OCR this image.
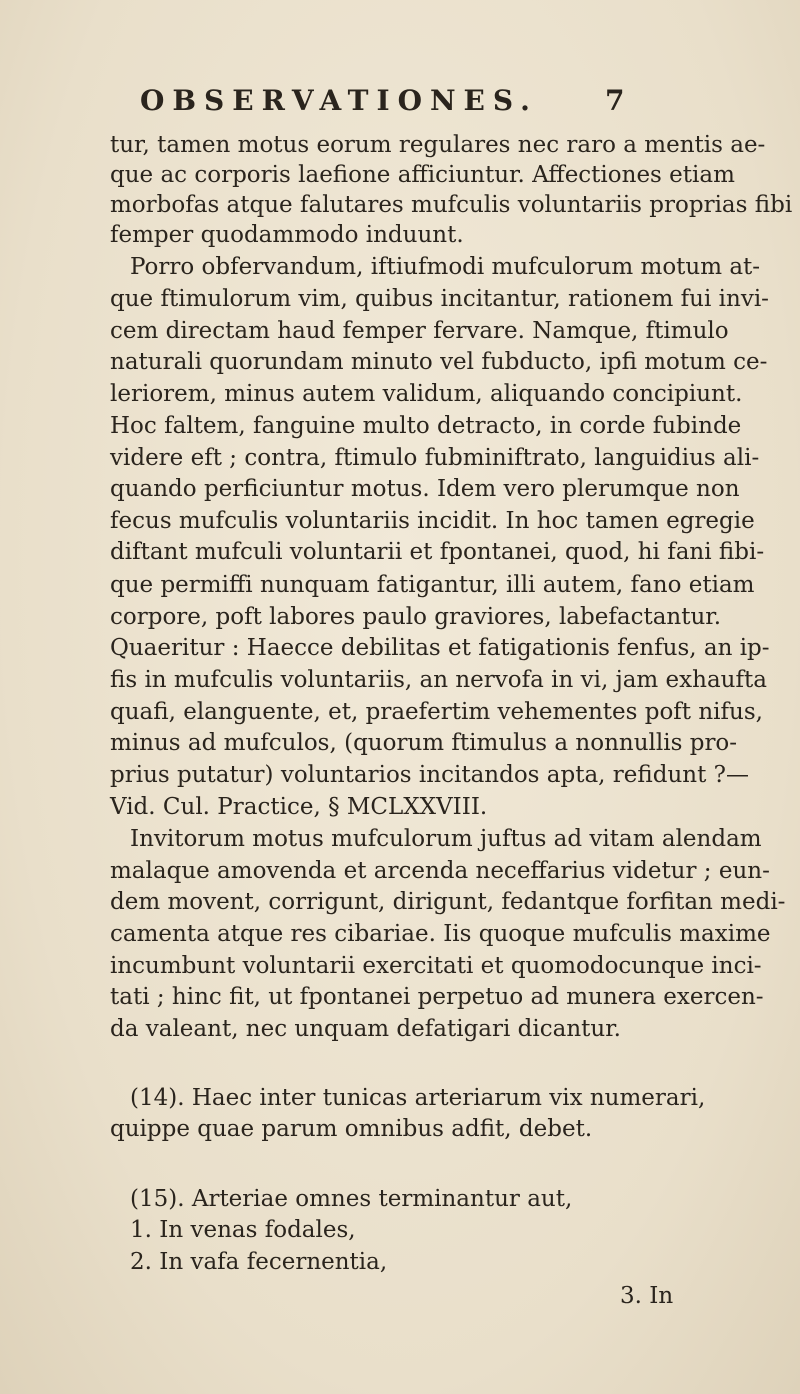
OBSERVATIONES. 7
tur, tamen motus eorum regulares nec raro a mentis ae-
que ac corporis laefione afficiuntur. Affectiones etiam
morbofas atque falutares mufculis voluntariis proprias fibi
femper quodammodo induunt.
Porro obfervandum, iftiufmodi mufculorum motum at-
que ftimulorum vim, quibus incitantur, rationem fui invi-
cem directam haud femper fervare. Namque, ftimulo
naturali quorundam minuto vel fubducto, ipfi motum ce-
leriorem, minus autem validum, aliquando concipiunt.
Hoc faltem, fanguine multo detracto, in corde fubinde
videre eft ; contra, ftimulo fubminiftrato, languidius ali-
quando perficiuntur motus. Idem vero plerumque non
fecus mufculis voluntariis incidit. In hoc tamen egregie
diftant mufculi voluntarii et fpontanei, quod, hi fani fibi-
que permiffi nunquam fatigantur, illi autem, fano etiam
corpore, poft labores paulo graviores, labefactantur.
Quaeritur : Haecce debilitas et fatigationis fenfus, an ip-
fis in mufculis voluntariis, an nervofa in vi, jam exhaufta
quafi, elanguente, et, praefertim vehementes poft nifus,
minus ad mufculos, (quorum ftimulus a nonnullis pro-
prius putatur) voluntarios incitandos apta, refidunt ?—
Vid. Cul. Practice, § MCLXXVIII.
Invitorum motus mufculorum juftus ad vitam alendam
malaque amovenda et arcenda neceffarius videtur ; eun-
dem movent, corrigunt, dirigunt, fedantque forfitan medi-
camenta atque res cibariae. Iis quoque mufculis maxime
incumbunt voluntarii exercitati et quomodocunque inci-
tati ; hinc fit, ut fpontanei perpetuo ad munera exercen-
da valeant, nec unquam defatigari dicantur.
(14). Haec inter tunicas arteriarum vix numerari,
quippe quae parum omnibus adfit, debet.
(15). Arteriae omnes terminantur aut,
1. In venas fodales,
2. In vafa fecernentia,
3. In
